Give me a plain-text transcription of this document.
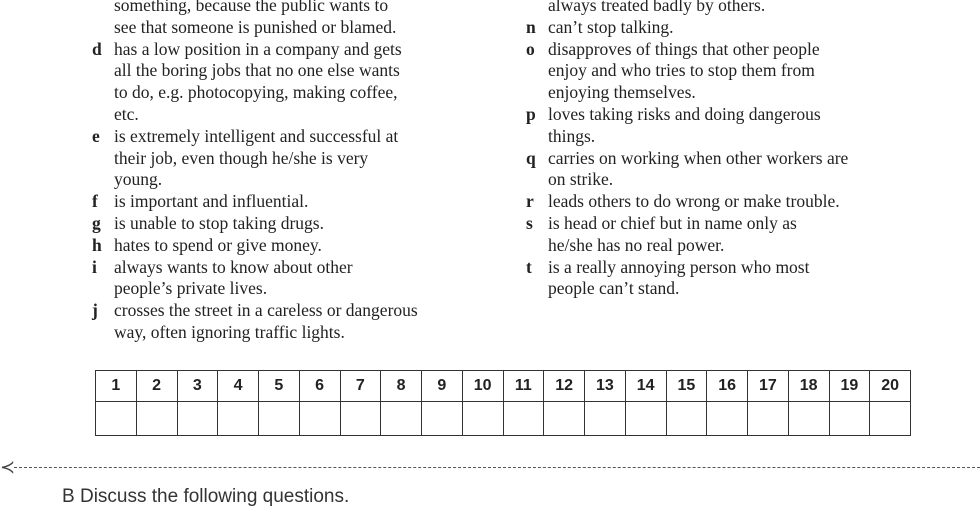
something, because the public wants to
see that someone is punished or blamed.
d has a low position in a company and gets
all the boring jobs that no one else wants
to do, e.g. photocopying, making coffee,
etc.
e is extremely intelligent and successful at
their job, even though he/she is very
young.
f is important and influential.
g is unable to stop taking drugs.
h hates to spend or give money.
i always wants to know about other
people’s private lives.
j crosses the street in a careless or dangerous
way, often ignoring traffic lights.
always treated badly by others.
n can’t stop talking.
o disapproves of things that other people
enjoy and who tries to stop them from
enjoying themselves.
p loves taking risks and doing dangerous
things.
q carries on working when other workers are
on strike.
r leads others to do wrong or make trouble.
s is head or chief but in name only as
he/she has no real power.
t is a really annoying person who most
people can’t stand.
1	2	3	4	5	6	7	8	9	10	11	12	13	14	15	16	17	18	19	20

≺
B Discuss the following questions.
